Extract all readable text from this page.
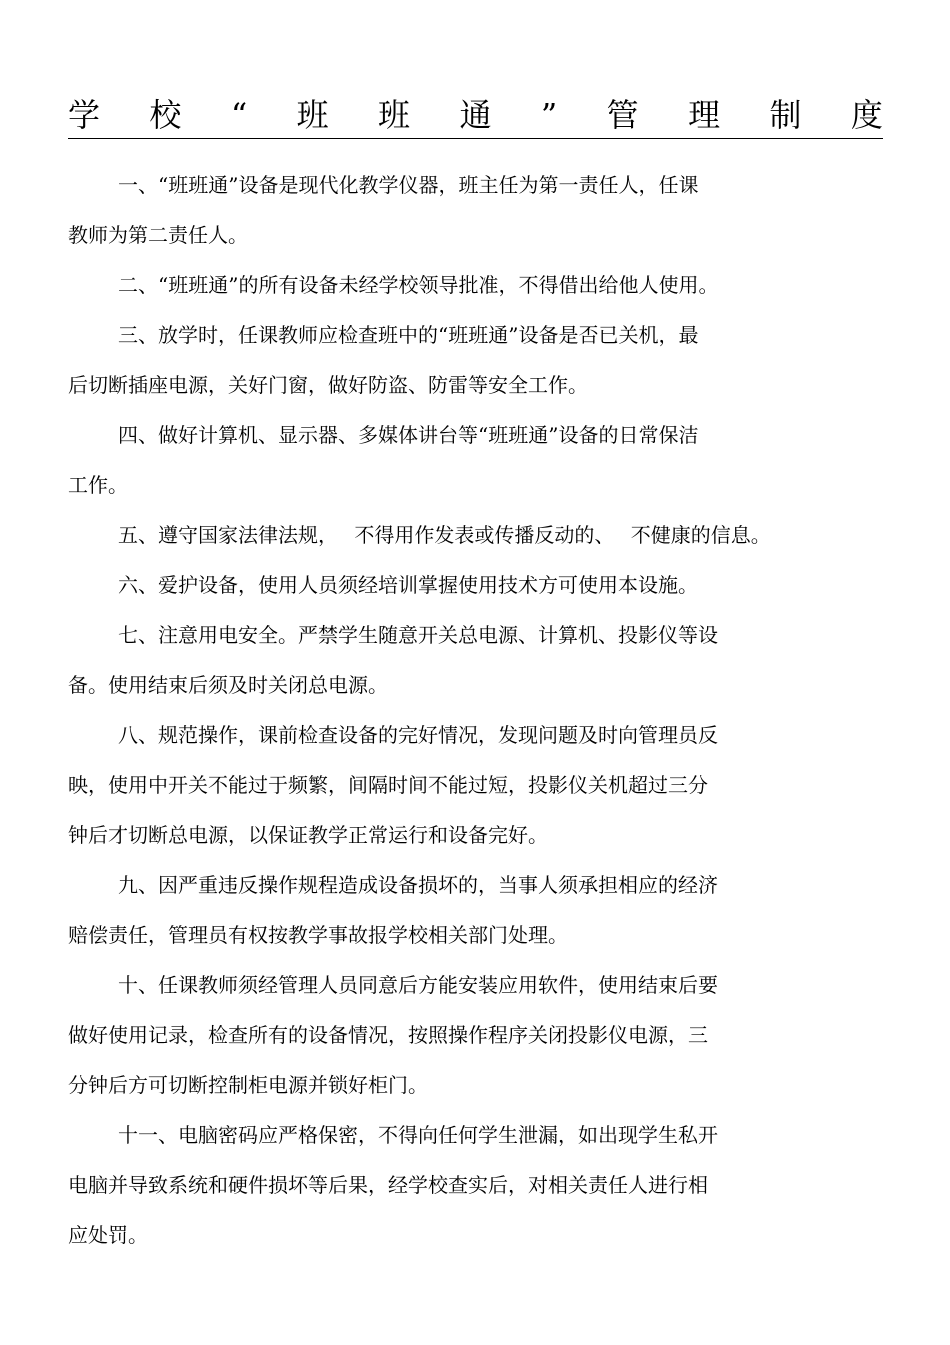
学 校 “ 班 班 通 ” 管 理 制 度

一、“班班通”设备是现代化教学仪器，班主任为第一责任人，任课
教师为第二责任人。

二、“班班通”的所有设备未经学校领导批准，不得借出给他人使用。

三、放学时，任课教师应检查班中的“班班通”设备是否已关机，最
后切断插座电源，关好门窗，做好防盗、防雷等安全工作。

四、做好计算机、显示器、多媒体讲台等“班班通”设备的日常保洁
工作。

五、遵守国家法律法规，　 不得用作发表或传播反动的、　 不健康的信息。

六、爱护设备，使用人员须经培训掌握使用技术方可使用本设施。

七、注意用电安全。严禁学生随意开关总电源、计算机、投影仪等设
备。使用结束后须及时关闭总电源。

八、规范操作，课前检查设备的完好情况，发现问题及时向管理员反
映，使用中开关不能过于频繁，间隔时间不能过短，投影仪关机超过三分
钟后才切断总电源，以保证教学正常运行和设备完好。

九、因严重违反操作规程造成设备损坏的，当事人须承担相应的经济
赔偿责任，管理员有权按教学事故报学校相关部门处理。

十、任课教师须经管理人员同意后方能安装应用软件，使用结束后要
做好使用记录，检查所有的设备情况，按照操作程序关闭投影仪电源，三
分钟后方可切断控制柜电源并锁好柜门。

十一、电脑密码应严格保密，不得向任何学生泄漏，如出现学生私开
电脑并导致系统和硬件损坏等后果，经学校查实后，对相关责任人进行相
应处罚。
